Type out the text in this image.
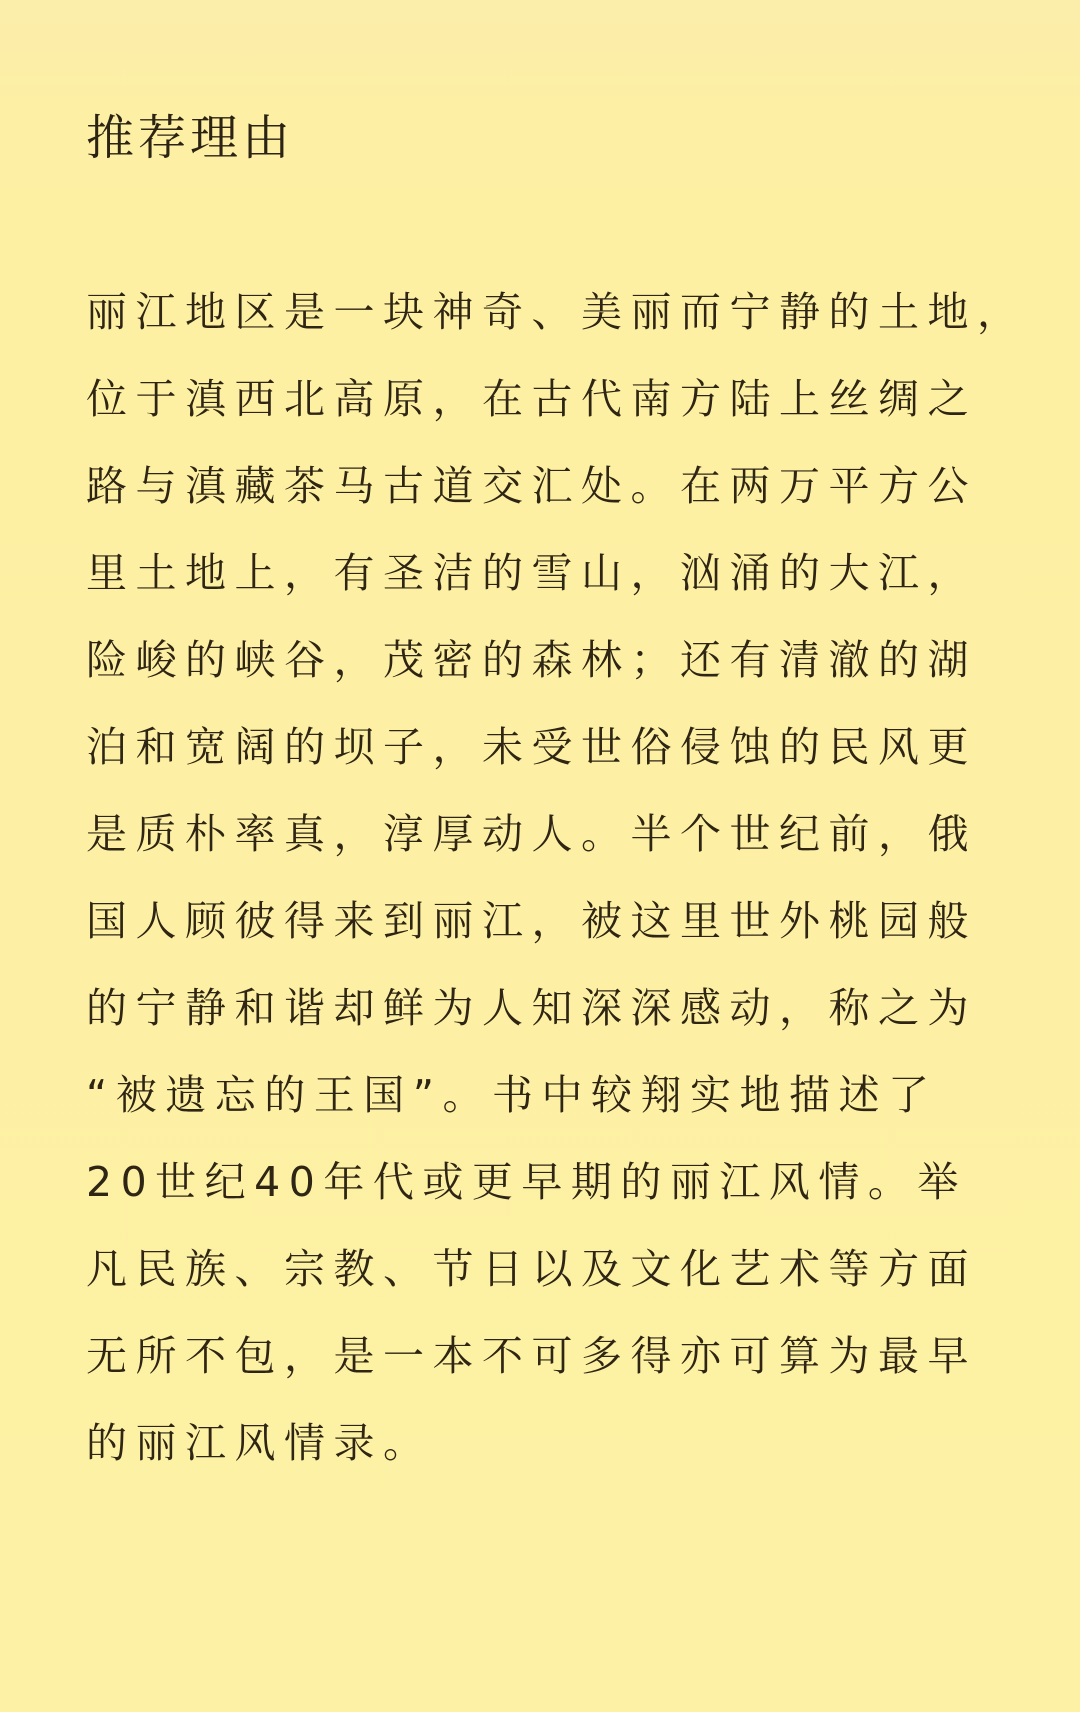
推荐理由
丽江地区是一块神奇、美丽而宁静的土地，
位于滇西北高原，在古代南方陆上丝绸之
路与滇藏茶马古道交汇处。在两万平方公
里土地上，有圣洁的雪山，汹涌的大江，
险峻的峡谷，茂密的森林；还有清澈的湖
泊和宽阔的坝子，未受世俗侵蚀的民风更
是质朴率真，淳厚动人。半个世纪前，俄
国人顾彼得来到丽江，被这里世外桃园般
的宁静和谐却鲜为人知深深感动，称之为
“被遗忘的王国”。书中较翔实地描述了
20世纪40年代或更早期的丽江风情。举
凡民族、宗教、节日以及文化艺术等方面
无所不包，是一本不可多得亦可算为最早
的丽江风情录。
